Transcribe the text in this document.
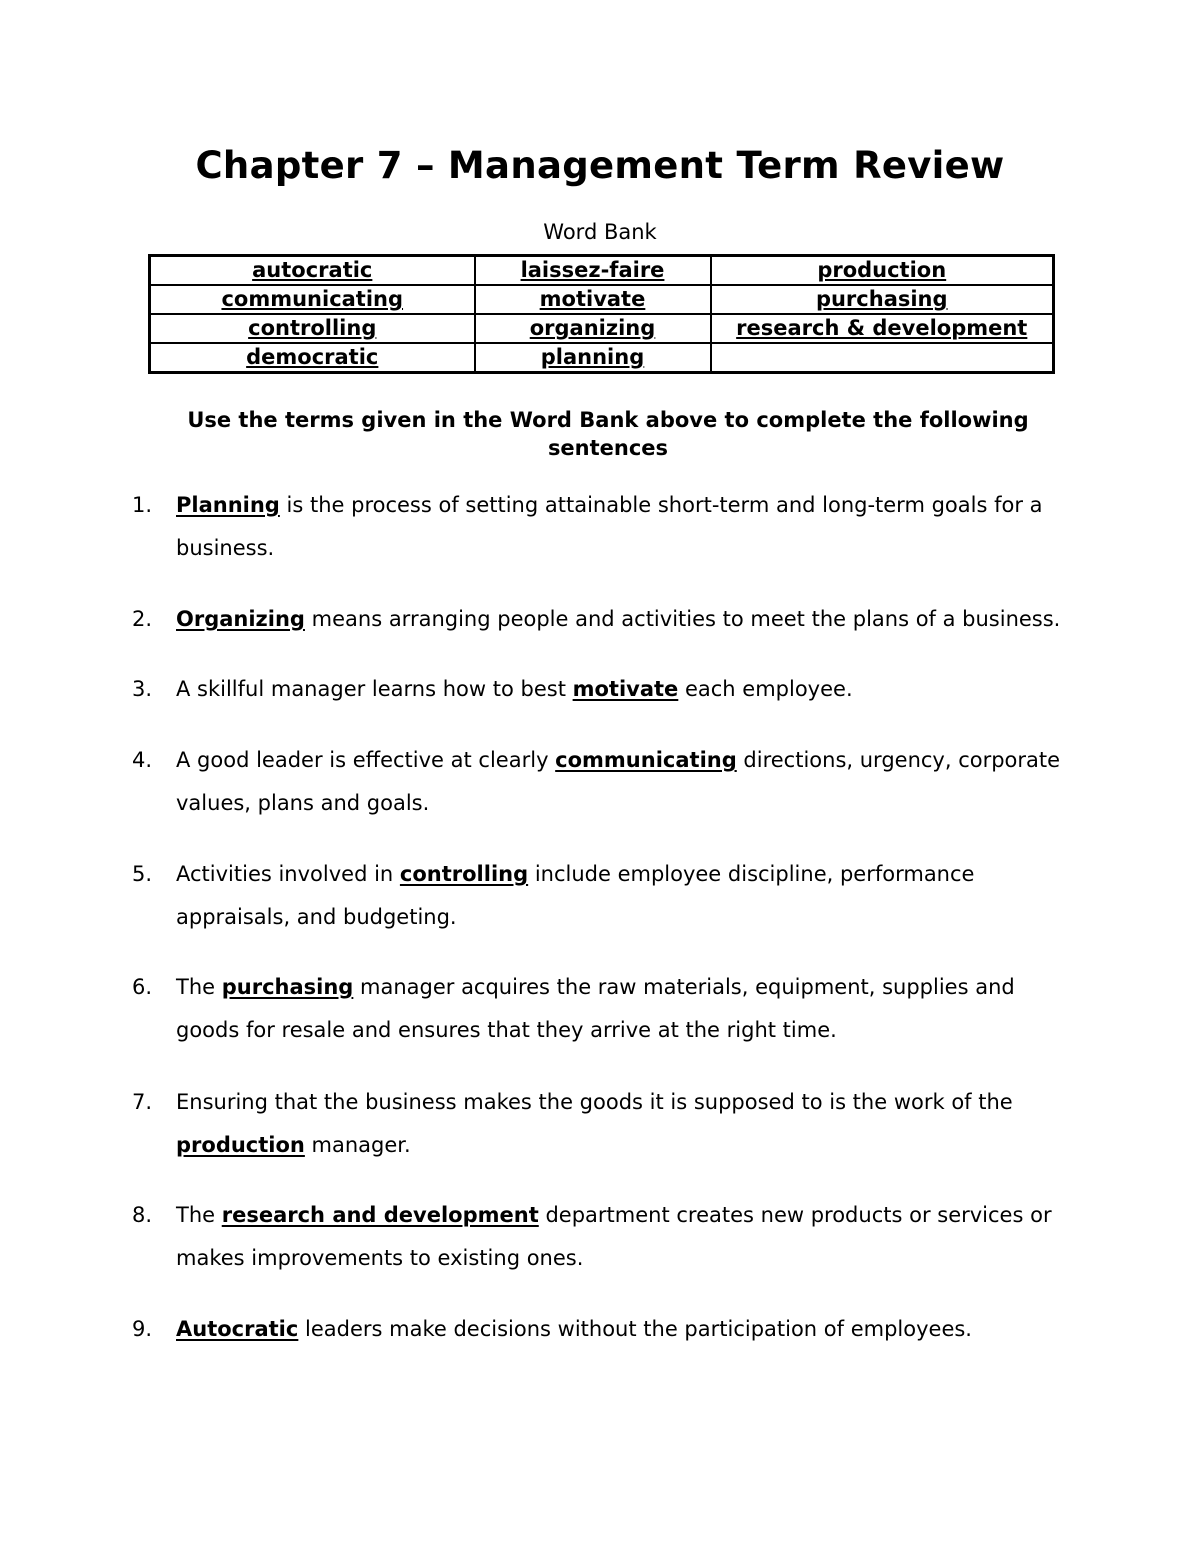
Chapter 7 – Management Term Review
Word Bank
autocratic	laissez-faire	production
communicating	motivate	purchasing
controlling	organizing	research & development
democratic	planning	
Use the terms given in the Word Bank above to complete the following sentences
1.	Planning is the process of setting attainable short-term and long-term goals for a business.
2.	Organizing means arranging people and activities to meet the plans of a business.
3.	A skillful manager learns how to best motivate each employee.
4.	A good leader is effective at clearly communicating directions, urgency, corporate values, plans and goals.
5.	Activities involved in controlling include employee discipline, performance appraisals, and budgeting.
6.	The purchasing manager acquires the raw materials, equipment, supplies and goods for resale and ensures that they arrive at the right time.
7.	Ensuring that the business makes the goods it is supposed to is the work of the production manager.
8.	The research and development department creates new products or services or makes improvements to existing ones.
9.	Autocratic leaders make decisions without the participation of employees.
